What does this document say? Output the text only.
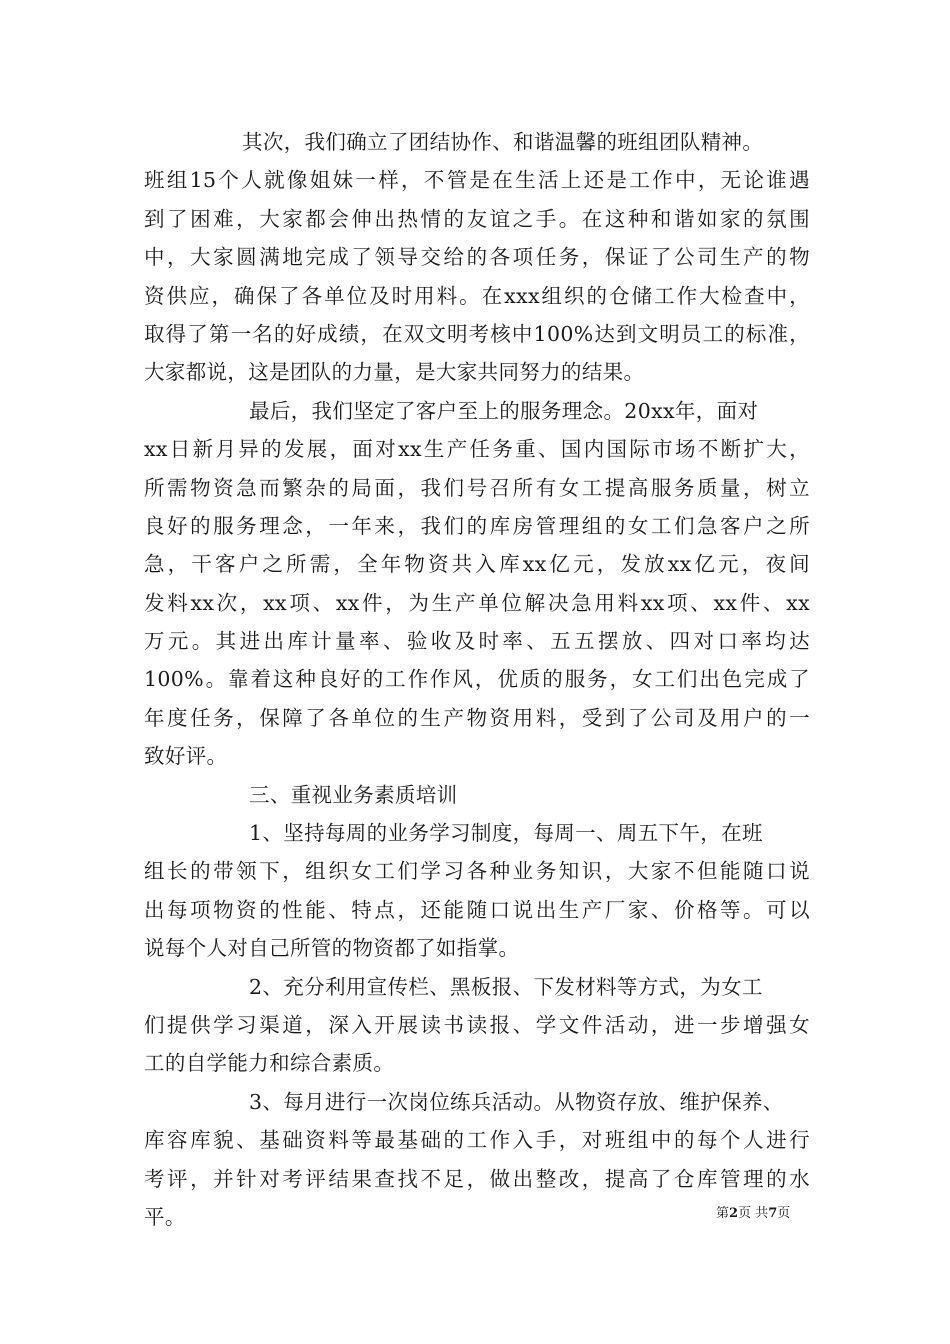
其次，我们确立了团结协作、和谐温馨的班组团队精神。
班组15个人就像姐妹一样，不管是在生活上还是工作中，无论谁遇
到了困难，大家都会伸出热情的友谊之手。在这种和谐如家的氛围
中，大家圆满地完成了领导交给的各项任务，保证了公司生产的物
资供应，确保了各单位及时用料。在xxx组织的仓储工作大检查中，
取得了第一名的好成绩，在双文明考核中100%达到文明员工的标准，
大家都说，这是团队的力量，是大家共同努力的结果。
最后，我们坚定了客户至上的服务理念。20xx年，面对
xx日新月异的发展，面对xx生产任务重、国内国际市场不断扩大，
所需物资急而繁杂的局面，我们号召所有女工提高服务质量，树立
良好的服务理念，一年来，我们的库房管理组的女工们急客户之所
急，干客户之所需，全年物资共入库xx亿元，发放xx亿元，夜间
发料xx次，xx项、xx件，为生产单位解决急用料xx项、xx件、xx
万元。其进出库计量率、验收及时率、五五摆放、四对口率均达
100%。靠着这种良好的工作作风，优质的服务，女工们出色完成了
年度任务，保障了各单位的生产物资用料，受到了公司及用户的一
致好评。
三、重视业务素质培训
1、坚持每周的业务学习制度，每周一、周五下午，在班
组长的带领下，组织女工们学习各种业务知识，大家不但能随口说
出每项物资的性能、特点，还能随口说出生产厂家、价格等。可以
说每个人对自己所管的物资都了如指掌。
2、充分利用宣传栏、黑板报、下发材料等方式，为女工
们提供学习渠道，深入开展读书读报、学文件活动，进一步增强女
工的自学能力和综合素质。
3、每月进行一次岗位练兵活动。从物资存放、维护保养、
库容库貌、基础资料等最基础的工作入手，对班组中的每个人进行
考评，并针对考评结果查找不足，做出整改，提高了仓库管理的水
平。	第2页 共7页
